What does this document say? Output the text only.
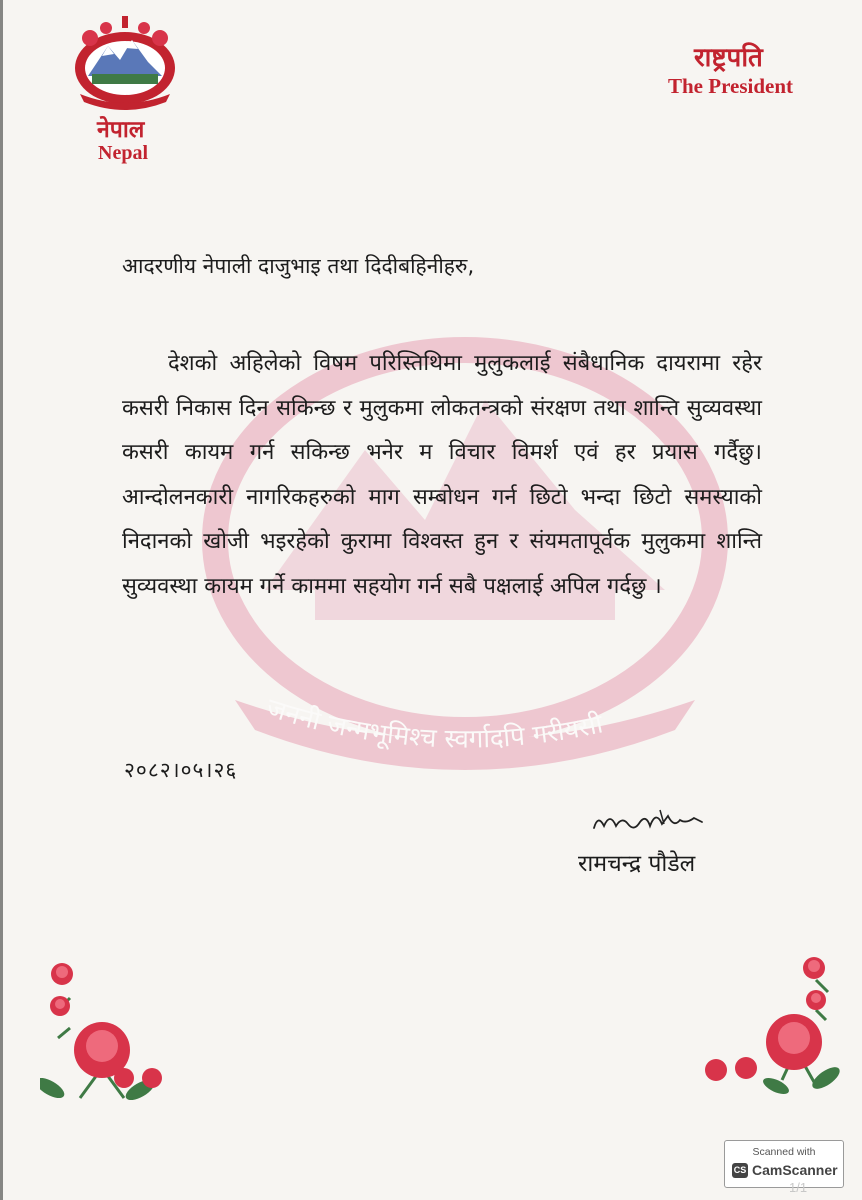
नेपाल
Nepal
राष्ट्रपति
The President
जननी जन्मभूमिश्च स्वर्गादपि गरीयसी
आदरणीय नेपाली दाजुभाइ तथा दिदीबहिनीहरु,
देशको अहिलेको विषम परिस्तिथिमा मुलुकलाई संबैधानिक दायरामा रहेर कसरी निकास दिन सकिन्छ र मुलुकमा लोकतन्त्रको संरक्षण तथा शान्ति सुव्यवस्था कसरी कायम गर्न सकिन्छ भनेर म विचार विमर्श एवं हर प्रयास गर्दैछु। आन्दोलनकारी नागरिकहरुको माग सम्बोधन गर्न छिटो भन्दा छिटो समस्याको निदानको खोजी भइरहेको कुरामा विश्वस्त हुन र संयमतापूर्वक मुलुकमा शान्ति सुव्यवस्था कायम गर्ने काममा सहयोग गर्न सबै पक्षलाई अपिल गर्दछु ।
२०८२।०५।२६
रामचन्द्र पौडेल
Scanned with
CS CamScanner
1/1
